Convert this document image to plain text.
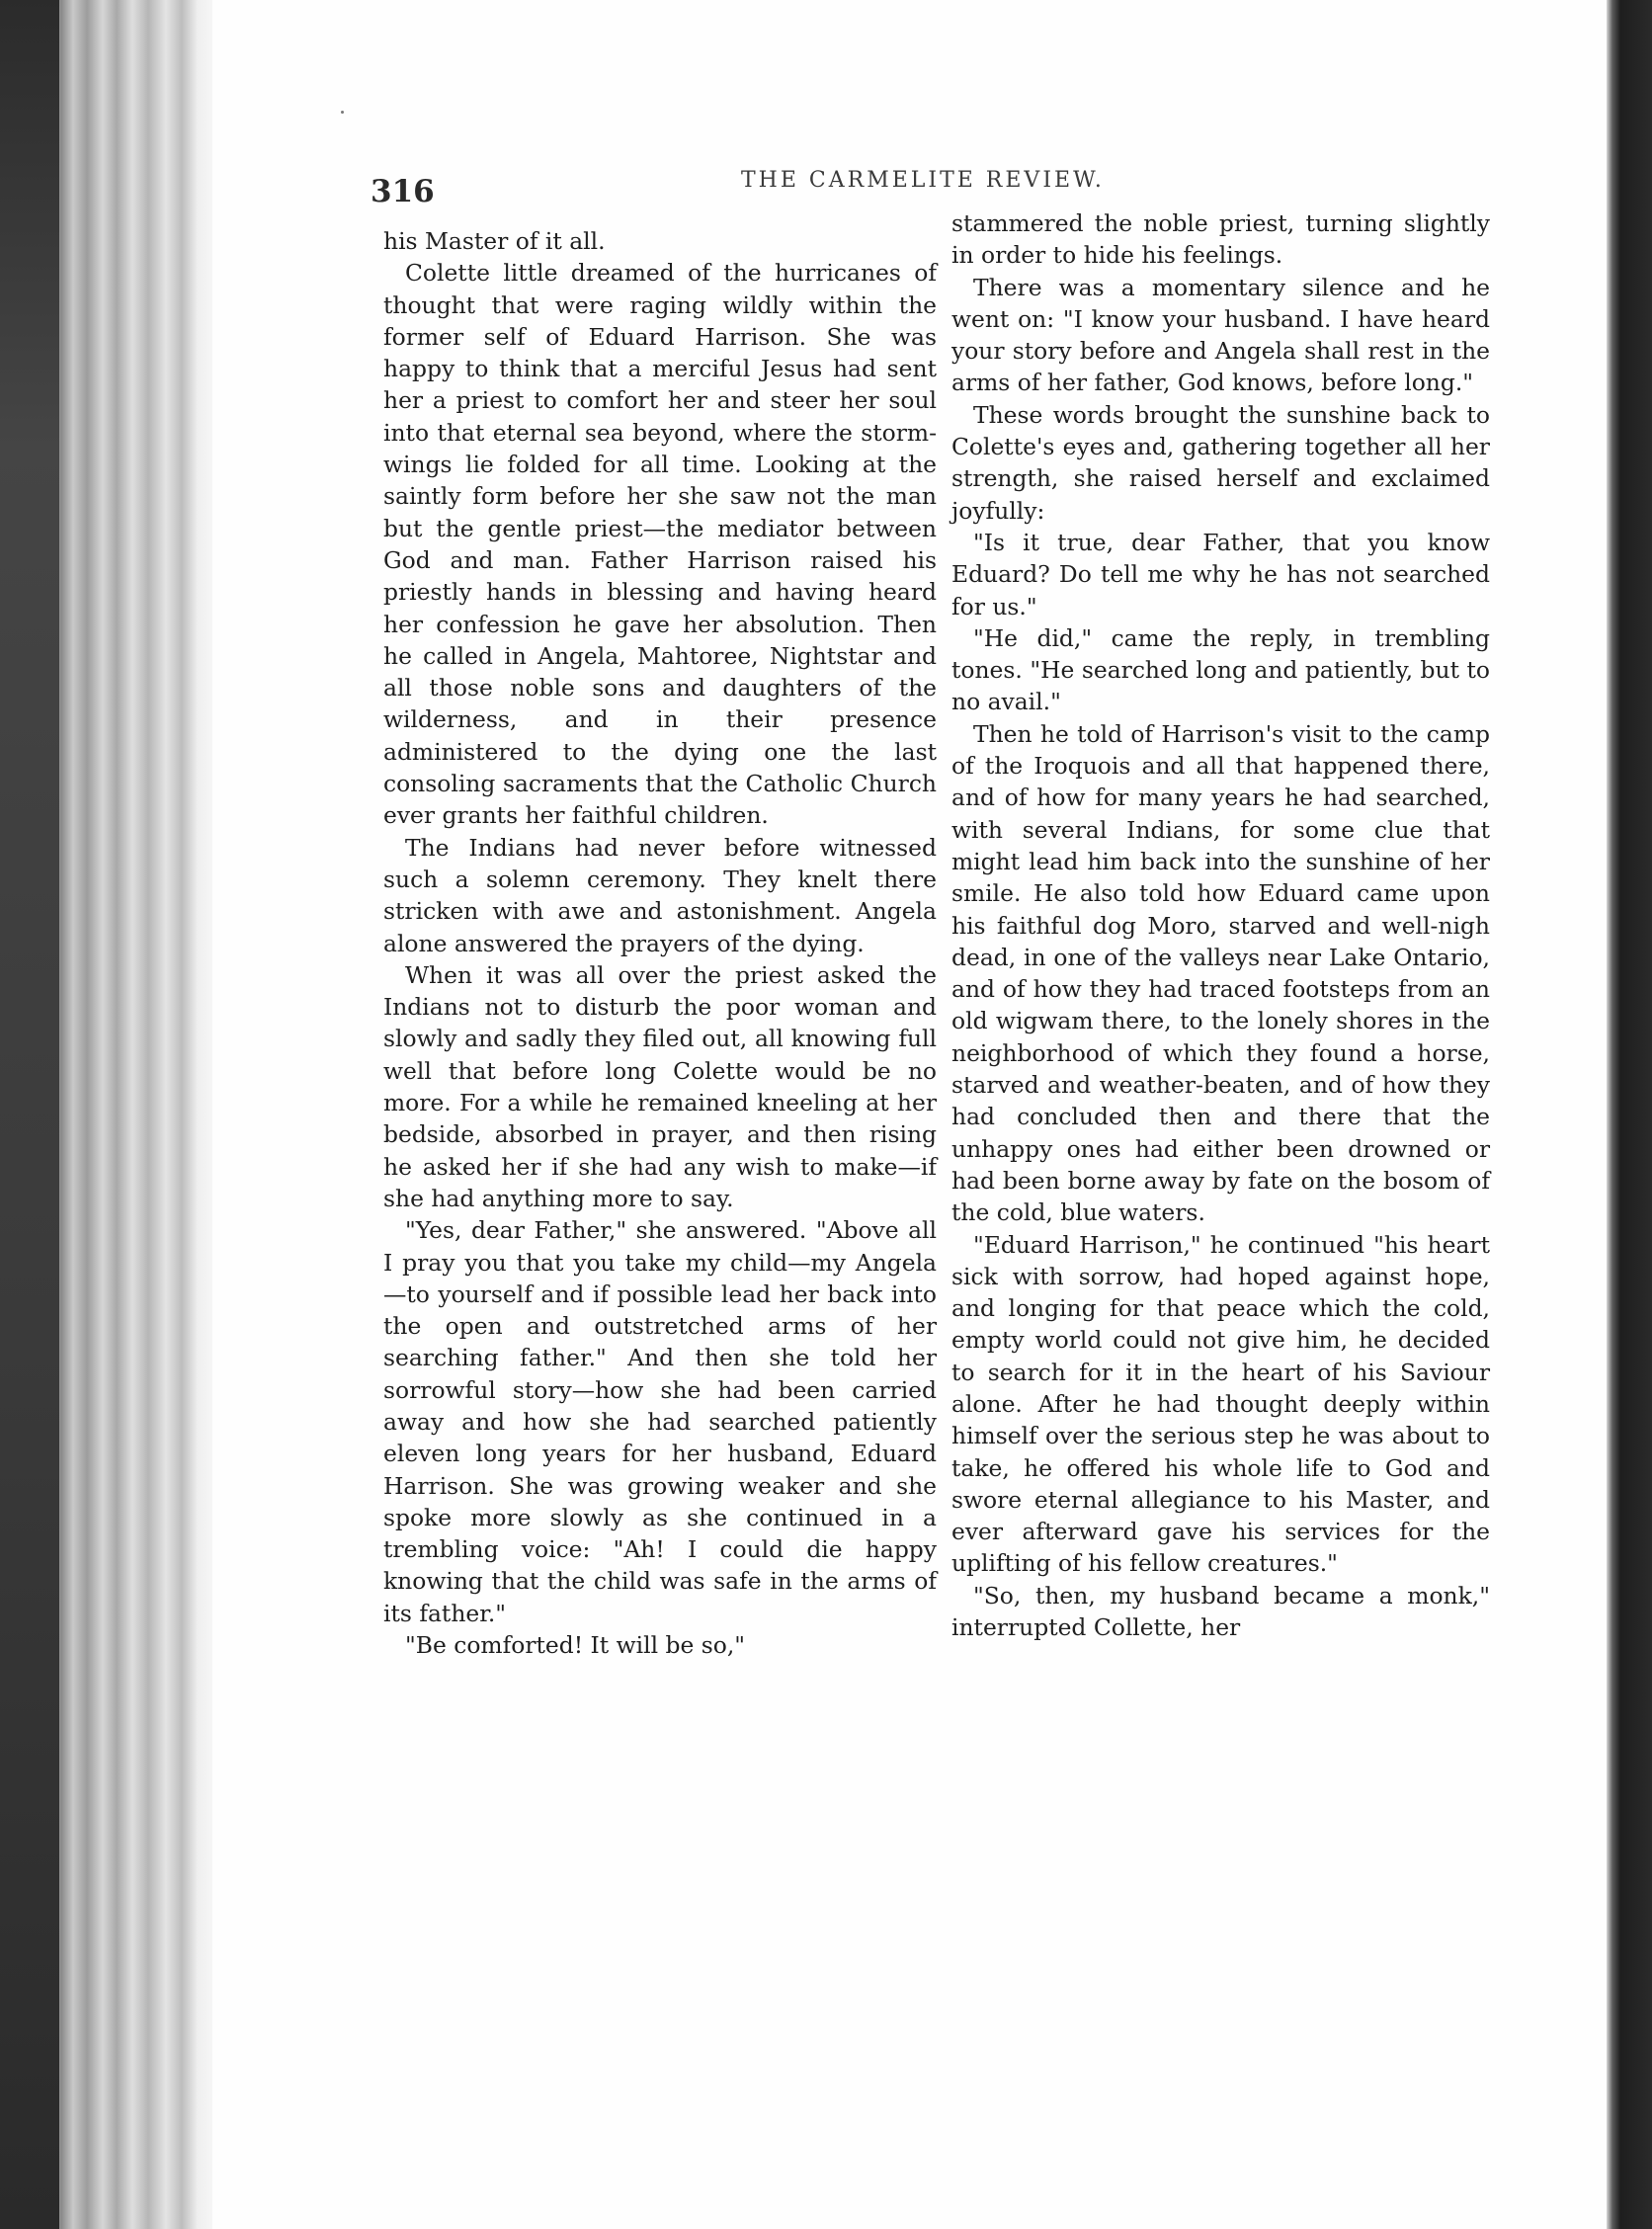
316	THE CARMELITE REVIEW.

his Master of it all.

Colette little dreamed of the hurricanes of thought that were raging wildly within the former self of Eduard Harrison. She was happy to think that a merciful Jesus had sent her a priest to comfort her and steer her soul into that eternal sea beyond, where the storm-wings lie folded for all time. Looking at the saintly form before her she saw not the man but the gentle priest—the mediator between God and man. Father Harrison raised his priestly hands in blessing and having heard her confession he gave her absolution. Then he called in Angela, Mahtoree, Nightstar and all those noble sons and daughters of the wilderness, and in their presence administered to the dying one the last consoling sacraments that the Catholic Church ever grants her faithful children.

The Indians had never before witnessed such a solemn ceremony. They knelt there stricken with awe and astonishment. Angela alone answered the prayers of the dying.

When it was all over the priest asked the Indians not to disturb the poor woman and slowly and sadly they filed out, all knowing full well that before long Colette would be no more. For a while he remained kneeling at her bedside, absorbed in prayer, and then rising he asked her if she had any wish to make—if she had anything more to say.

"Yes, dear Father," she answered. "Above all I pray you that you take my child—my Angela—to yourself and if possible lead her back into the open and outstretched arms of her searching father." And then she told her sorrowful story—how she had been carried away and how she had searched patiently eleven long years for her husband, Eduard Harrison. She was growing weaker and she spoke more slowly as she continued in a trembling voice: "Ah! I could die happy knowing that the child was safe in the arms of its father."

"Be comforted! It will be so,"

stammered the noble priest, turning slightly in order to hide his feelings.

There was a momentary silence and he went on: "I know your husband. I have heard your story before and Angela shall rest in the arms of her father, God knows, before long."

These words brought the sunshine back to Colette's eyes and, gathering together all her strength, she raised herself and exclaimed joyfully:

"Is it true, dear Father, that you know Eduard? Do tell me why he has not searched for us."

"He did," came the reply, in trembling tones. "He searched long and patiently, but to no avail."

Then he told of Harrison's visit to the camp of the Iroquois and all that happened there, and of how for many years he had searched, with several Indians, for some clue that might lead him back into the sunshine of her smile. He also told how Eduard came upon his faithful dog Moro, starved and well-nigh dead, in one of the valleys near Lake Ontario, and of how they had traced footsteps from an old wigwam there, to the lonely shores in the neighborhood of which they found a horse, starved and weather-beaten, and of how they had concluded then and there that the unhappy ones had either been drowned or had been borne away by fate on the bosom of the cold, blue waters.

"Eduard Harrison," he continued "his heart sick with sorrow, had hoped against hope, and longing for that peace which the cold, empty world could not give him, he decided to search for it in the heart of his Saviour alone. After he had thought deeply within himself over the serious step he was about to take, he offered his whole life to God and swore eternal allegiance to his Master, and ever afterward gave his services for the uplifting of his fellow creatures."

"So, then, my husband became a monk," interrupted Collette, her
